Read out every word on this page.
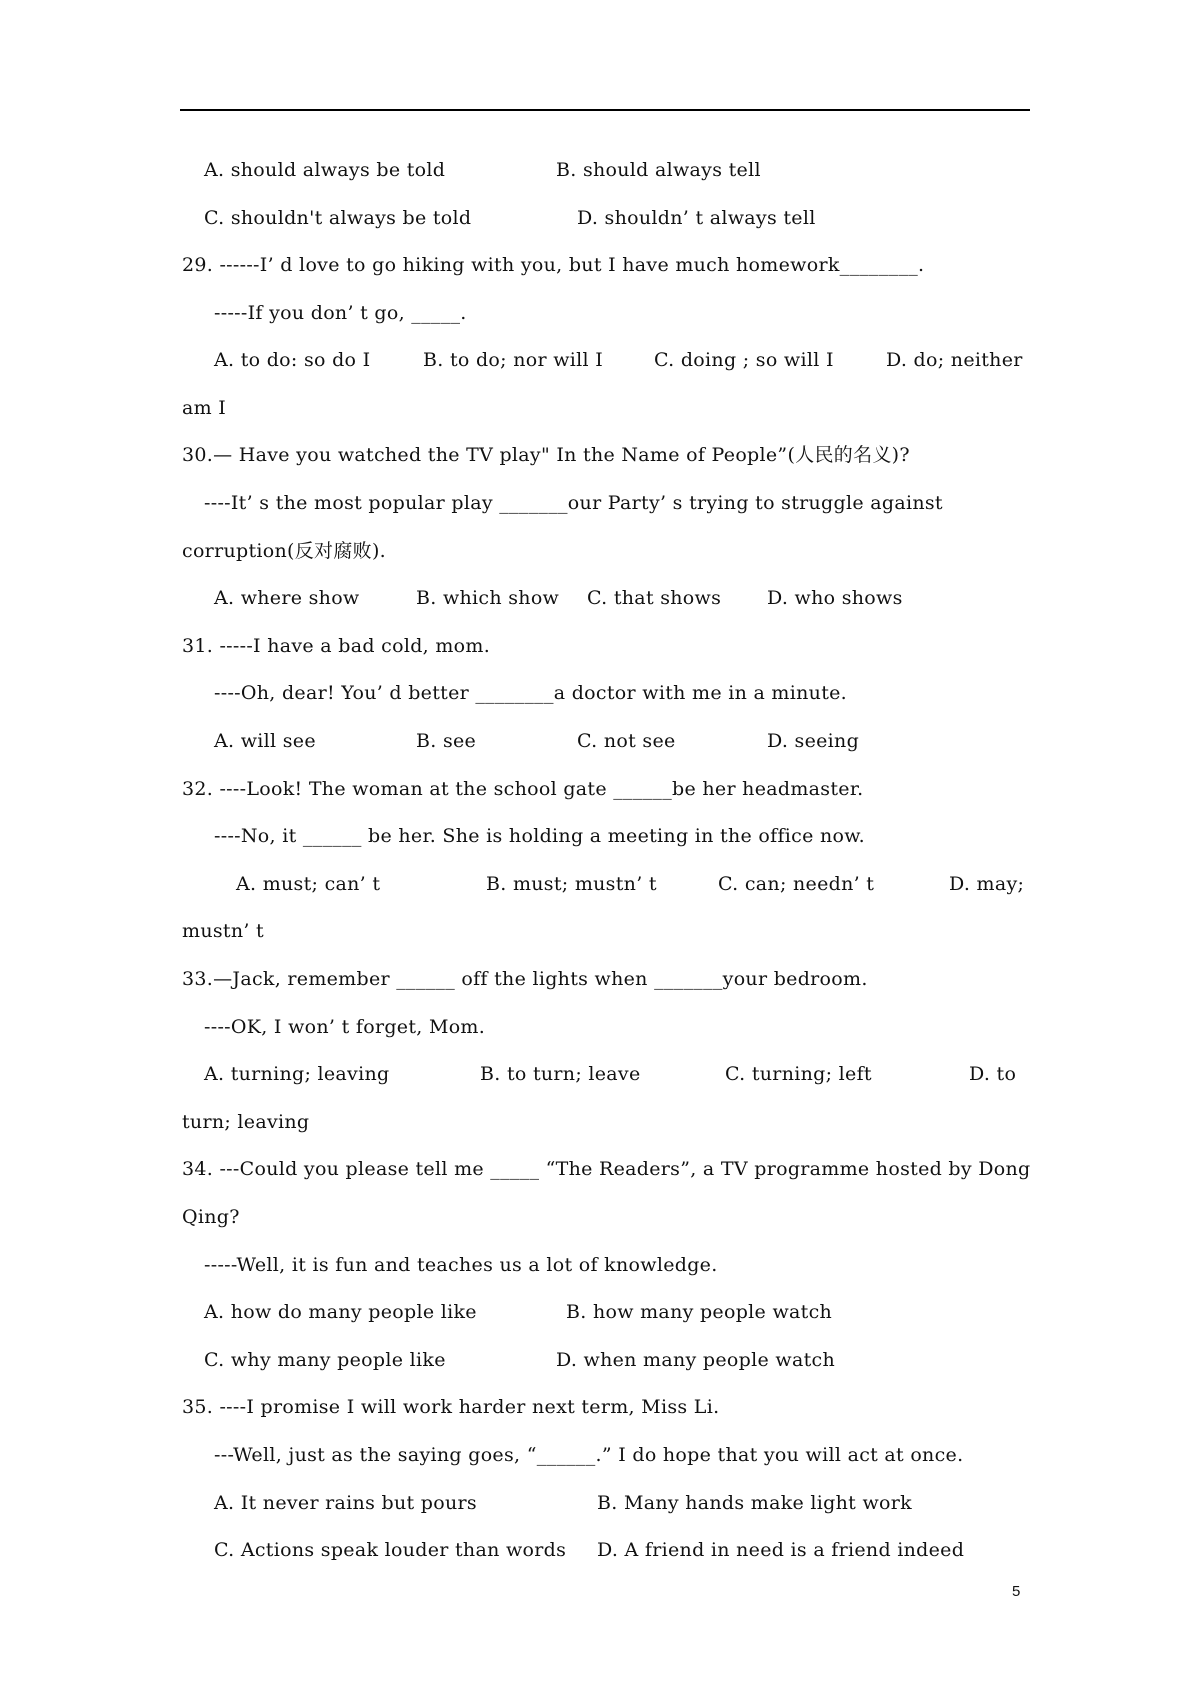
A. should always be told	B. should always tell
C. shouldn't always be told	D. shouldn’ t always tell
29. ------I’ d love to go hiking with you, but I have much homework________.
-----If you don’ t go, _____.
A. to do: so do I	B. to do; nor will I	C. doing ; so will I	D. do; neither
am I
30.— Have you watched the TV play" In the Name of People”(人民的名义)?
----It’ s the most popular play _______our Party’ s trying to struggle against
corruption(反对腐败).
A. where show	B. which show C. that shows D. who shows
31. -----I have a bad cold, mom.
----Oh, dear! You’ d better ________a doctor with me in a minute.
A. will see	B. see	C. not see	D. seeing
32. ----Look! The woman at the school gate ______be her headmaster.
----No, it ______ be her. She is holding a meeting in the office now.
A. must; can’ t	B. must; mustn’ t	C. can; needn’ t	D. may;
mustn’ t
33.—Jack, remember ______ off the lights when _______your bedroom.
----OK, I won’ t forget, Mom.
A. turning; leaving	B. to turn; leave	C. turning; left	D. to
turn; leaving
34. ---Could you please tell me _____ “The Readers”, a TV programme hosted by Dong
Qing?
-----Well, it is fun and teaches us a lot of knowledge.
A. how do many people like	B. how many people watch
C. why many people like	D. when many people watch
35. ----I promise I will work harder next term, Miss Li.
---Well, just as the saying goes, “______.” I do hope that you will act at once.
A. It never rains but pours	B. Many hands make light work
C. Actions speak louder than words D. A friend in need is a friend indeed
5
